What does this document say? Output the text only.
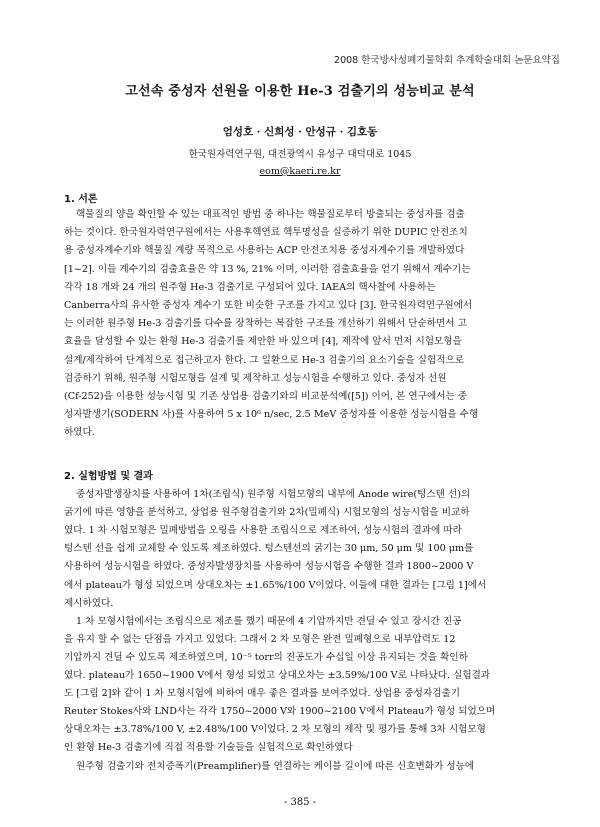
2008 한국방사성폐기물학회 추계학술대회 논문요약집
고선속 중성자 선원을 이용한 He-3 검출기의 성능비교 분석
엄성호 · 신희성 · 안성규 · 김호동
한국원자력연구원, 대전광역시 유성구 대덕대로 1045
eom@kaeri.re.kr
1. 서론
핵물질의 양을 확인할 수 있는 대표적인 방법 중 하나는 핵물질로부터 방출되는 중성자를 검출
하는 것이다. 한국원자력연구원에서는 사용후핵연료 핵투명성을 실증하기 위한 DUPIC 안전조치
용 중성자계수기와 핵물질 계량 목적으로 사용하는 ACP 안전조치용 중성자계수기를 개발하였다
[1~2]. 이들 계수기의 검출효율은 약 13 %, 21% 이며, 이러한 검출효율을 얻기 위해서 계수기는
각각 18 개와 24 개의 원주형 He-3 검출기로 구성되어 있다. IAEA의 핵사찰에 사용하는
Canberra사의 유사한 중성자 계수기 또한 비슷한 구조를 가지고 있다 [3]. 한국원자력연구원에서
는 이러한 원주형 He-3 검출기를 다수를 장착하는 복잡한 구조를 개선하기 위해서 단순하면서 고
효율을 달성할 수 있는 환형 He-3 검출기를 제안한 바 있으며 [4], 제작에 앞서 먼저 시험모형을
설계/제작하여 단계적으로 접근하고자 한다. 그 일환으로 He-3 검출기의 요소기술을 실험적으로
검증하기 위해, 원주형 시험모형을 설계 및 제작하고 성능시험을 수행하고 있다. 중성자 선원
(Cf-252)을 이용한 성능시험 및 기존 상업용 검출기와의 비교분석예([5]) 이어, 본 연구에서는 중
성자발생기(SODERN 사)를 사용하여 5 x 10⁶ n/sec, 2.5 MeV 중성자를 이용한 성능시험을 수행
하였다.
2. 실험방법 및 결과
중성자발생장치를 사용하여 1차(조립식) 원주형 시험모형의 내부에 Anode wire(텅스텐 선)의
굵기에 따른 영향을 분석하고, 상업용 원주형검출기와 2차(밀폐식) 시험모형의 성능시험을 비교하
였다. 1 차 시험모형은 밀폐방법을 오링을 사용한 조립식으로 제조하여, 성능시험의 결과에 따라
텅스텐 선을 쉽게 교체할 수 있도록 제조하였다. 텅스텐선의 굵기는 30 μm, 50 μm 및 100 μm를
사용하여 성능시험을 하였다. 중성자발생장치를 사용하여 성능시험을 수행한 결과 1800~2000 V
에서 plateau가 형성 되었으며 상대오차는 ±1.65%/100 V이었다. 이들에 대한 결과는 [그림 1]에서
제시하였다.
1 차 모형시험에서는 조립식으로 제조를 했기 때문에 4 기압까지만 견딜 수 있고 장시간 진공
을 유지 할 수 없는 단점을 가지고 있었다. 그래서 2 차 모형은 완전 밀폐형으로 내부압력도 12
기압까지 견딜 수 있도록 제조하였으며, 10⁻⁵ torr의 진공도가 수십일 이상 유지되는 것을 확인하
였다. plateau가 1650~1900 V에서 형성 되었고 상대오차는 ±3.59%/100 V로 나타났다. 실험결과
도 [그림 2]와 같이 1 차 모형시험에 비하여 매우 좋은 결과를 보여주었다. 상업용 중성자검출기
Reuter Stokes사와 LND사는 각각 1750~2000 V와 1900~2100 V에서 Plateau가 형성 되었으며
상대오차는 ±3.78%/100 V, ±2.48%/100 V이었다. 2 차 모형의 제작 및 평가를 통해 3차 시험모형
인 환형 He-3 검출기에 직접 적용할 기술들을 실험적으로 확인하였다
원주형 검출기와 전치증폭기(Preamplifier)를 연결하는 케이블 길이에 따른 신호변화가 성능에
- 385 -
